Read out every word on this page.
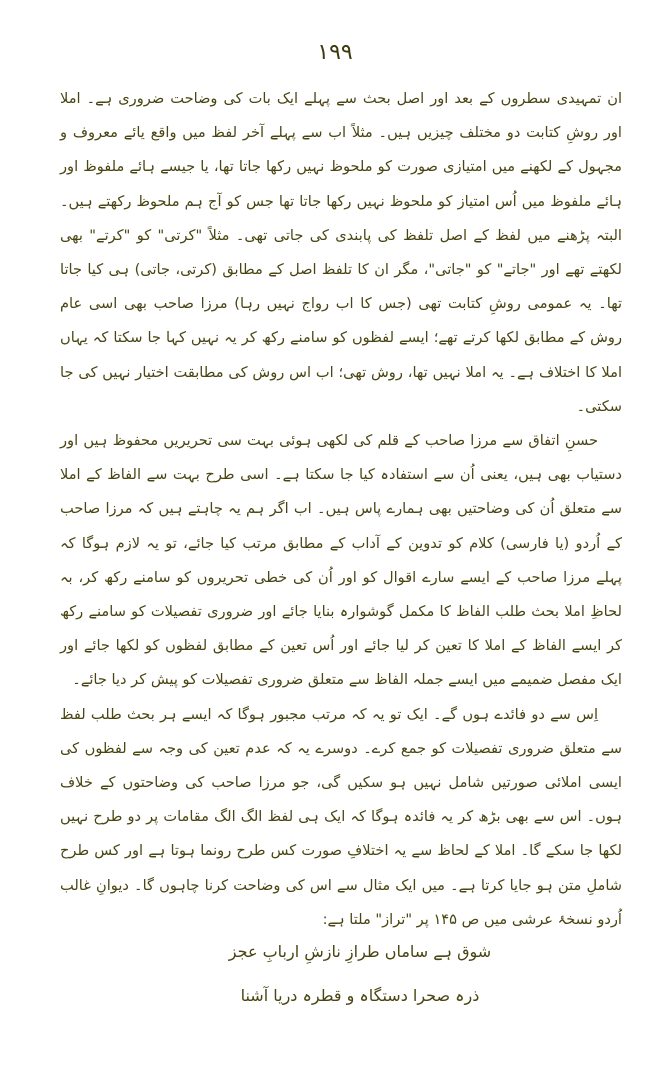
۱۹۹

ان تمہیدی سطروں کے بعد اور اصل بحث سے پہلے ایک بات کی وضاحت ضروری ہے۔ املا اور روشِ کتابت دو مختلف چیزیں ہیں۔ مثلاً اب سے پہلے آخر لفظ میں واقع یائے معروف و مجہول کے لکھنے میں امتیازی صورت کو ملحوظ نہیں رکھا جاتا تھا، یا جیسے ہائے ملفوظ اور ہائے ملفوظ میں اُس امتیاز کو ملحوظ نہیں رکھا جاتا تھا جس کو آج ہم ملحوظ رکھتے ہیں۔ البتہ پڑھنے میں لفظ کے اصل تلفظ کی پابندی کی جاتی تھی۔ مثلاً "کرتی" کو "کرتے" بھی لکھتے تھے اور "جاتے" کو "جاتی"، مگر ان کا تلفظ اصل کے مطابق (کرتی، جاتی) ہی کیا جاتا تھا۔ یہ عمومی روشِ کتابت تھی (جس کا اب رواج نہیں رہا) مرزا صاحب بھی اسی عام روش کے مطابق لکھا کرتے تھے؛ ایسے لفظوں کو سامنے رکھ کر یہ نہیں کہا جا سکتا کہ یہاں املا کا اختلاف ہے۔ یہ املا نہیں تھا، روش تھی؛ اب اس روش کی مطابقت اختیار نہیں کی جا سکتی۔

حسنِ اتفاق سے مرزا صاحب کے قلم کی لکھی ہوئی بہت سی تحریریں محفوظ ہیں اور دستیاب بھی ہیں، یعنی اُن سے استفادہ کیا جا سکتا ہے۔ اسی طرح بہت سے الفاظ کے املا سے متعلق اُن کی وضاحتیں بھی ہمارے پاس ہیں۔ اب اگر ہم یہ چاہتے ہیں کہ مرزا صاحب کے اُردو (یا فارسی) کلام کو تدوین کے آداب کے مطابق مرتب کیا جائے، تو یہ لازم ہوگا کہ پہلے مرزا صاحب کے ایسے سارے اقوال کو اور اُن کی خطی تحریروں کو سامنے رکھ کر، بہ لحاظِ املا بحث طلب الفاظ کا مکمل گوشوارہ بنایا جائے اور ضروری تفصیلات کو سامنے رکھ کر ایسے الفاظ کے املا کا تعین کر لیا جائے اور اُس تعین کے مطابق لفظوں کو لکھا جائے اور ایک مفصل ضمیمے میں ایسے جملہ الفاظ سے متعلق ضروری تفصیلات کو پیش کر دیا جائے۔

اِس سے دو فائدے ہوں گے۔ ایک تو یہ کہ مرتب مجبور ہوگا کہ ایسے ہر بحث طلب لفظ سے متعلق ضروری تفصیلات کو جمع کرے۔ دوسرے یہ کہ عدم تعین کی وجہ سے لفظوں کی ایسی املائی صورتیں شامل نہیں ہو سکیں گی، جو مرزا صاحب کی وضاحتوں کے خلاف ہوں۔ اس سے بھی بڑھ کر یہ فائدہ ہوگا کہ ایک ہی لفظ الگ الگ مقامات پر دو طرح نہیں لکھا جا سکے گا۔ املا کے لحاظ سے یہ اختلافِ صورت کس طرح رونما ہوتا ہے اور کس طرح شاملِ متن ہو جایا کرتا ہے۔ میں ایک مثال سے اس کی وضاحت کرنا چاہوں گا۔ دیوانِ غالب اُردو نسخۂ عرشی میں ص ۱۴۵ پر "تراز" ملتا ہے:

شوق ہے ساماں طرازِ نازشِ اربابِ عجز
ذرہ صحرا دستگاہ و قطرہ دریا آشنا
